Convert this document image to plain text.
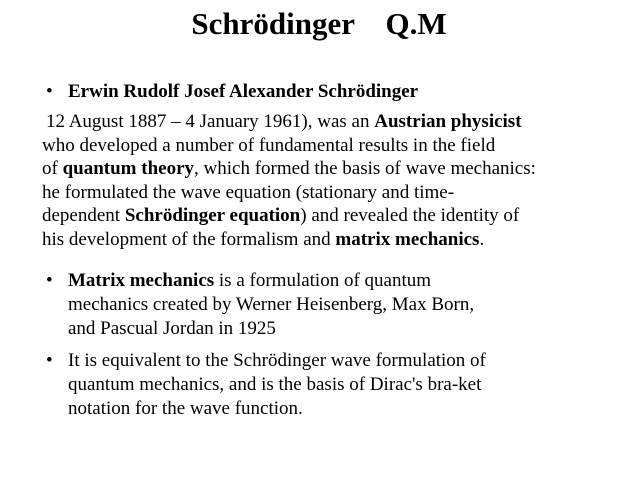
Schrödinger    Q.M
• Erwin Rudolf Josef Alexander Schrödinger
12 August 1887 – 4 January 1961), was an Austrian physicist
who developed a number of fundamental results in the field
of quantum theory, which formed the basis of wave mechanics:
he formulated the wave equation (stationary and time-
dependent Schrödinger equation) and revealed the identity of
his development of the formalism and matrix mechanics.
• Matrix mechanics is a formulation of quantum
mechanics created by Werner Heisenberg, Max Born,
and Pascual Jordan in 1925
• It is equivalent to the Schrödinger wave formulation of
quantum mechanics, and is the basis of Dirac's bra-ket
notation for the wave function.
